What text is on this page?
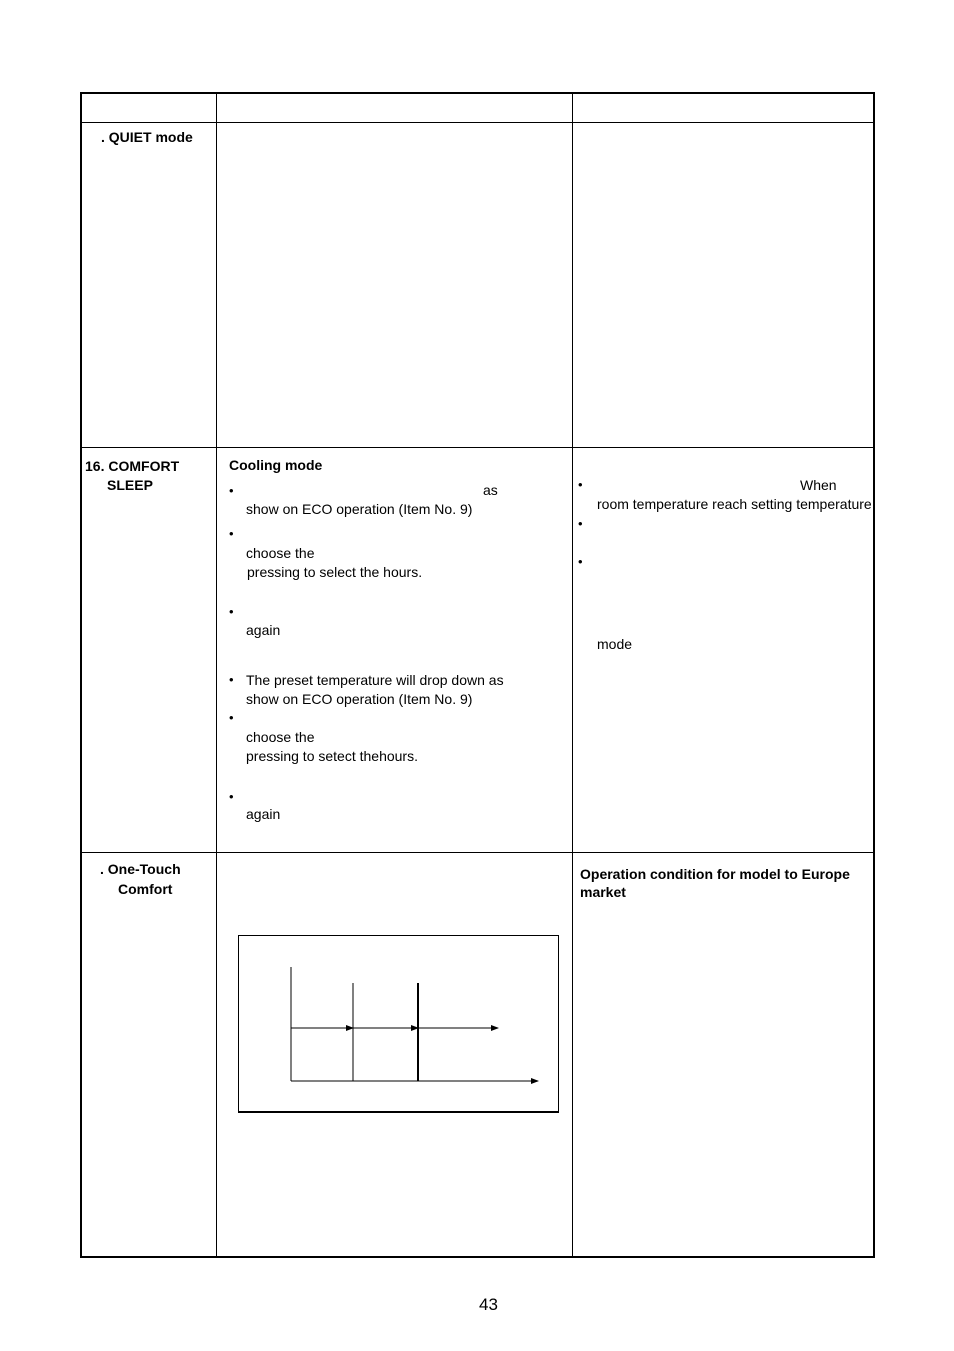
. QUIET mode
16. COMFORT
SLEEP
Cooling mode
•	as
show on ECO operation (Item No. 9)
•
choose the
pressing to select the hours.
•
again
• The preset temperature will drop down as
show on ECO operation (Item No. 9)
•
choose the
pressing to setect thehours.
•
again
•	When
room temperature reach setting temperature
•
•
mode
. One-Touch
Comfort
Operation condition for model to Europe
market
43
